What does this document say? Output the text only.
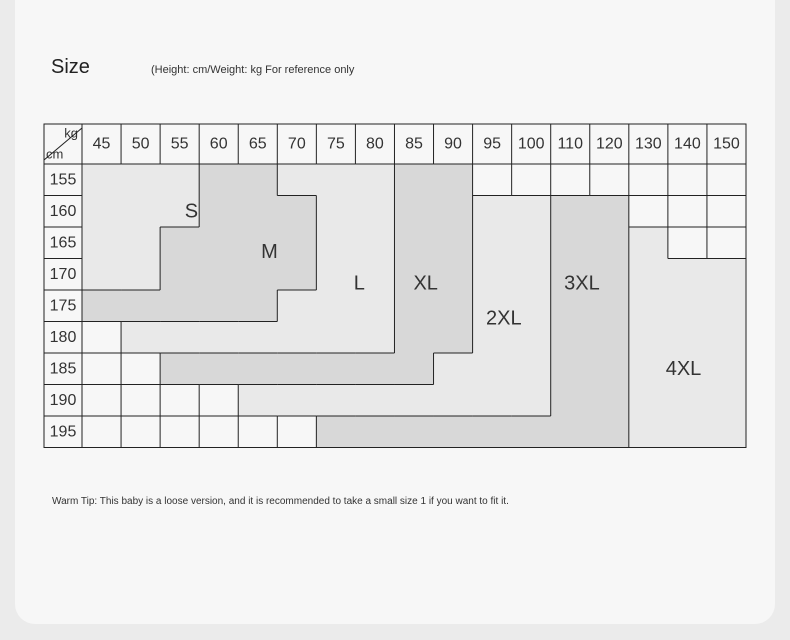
Size	(Height: cm/Weight: kg For reference only
45 50 55 60 65 70 75 80 85 90 95 100 110 120 130 140 150
155
160
165
170
175
180
185
190
195
kg
cm
S
M
L XL
2XL
3XL
4XL
Warm Tip: This baby is a loose version, and it is recommended to take a small size 1 if you want to fit it.
